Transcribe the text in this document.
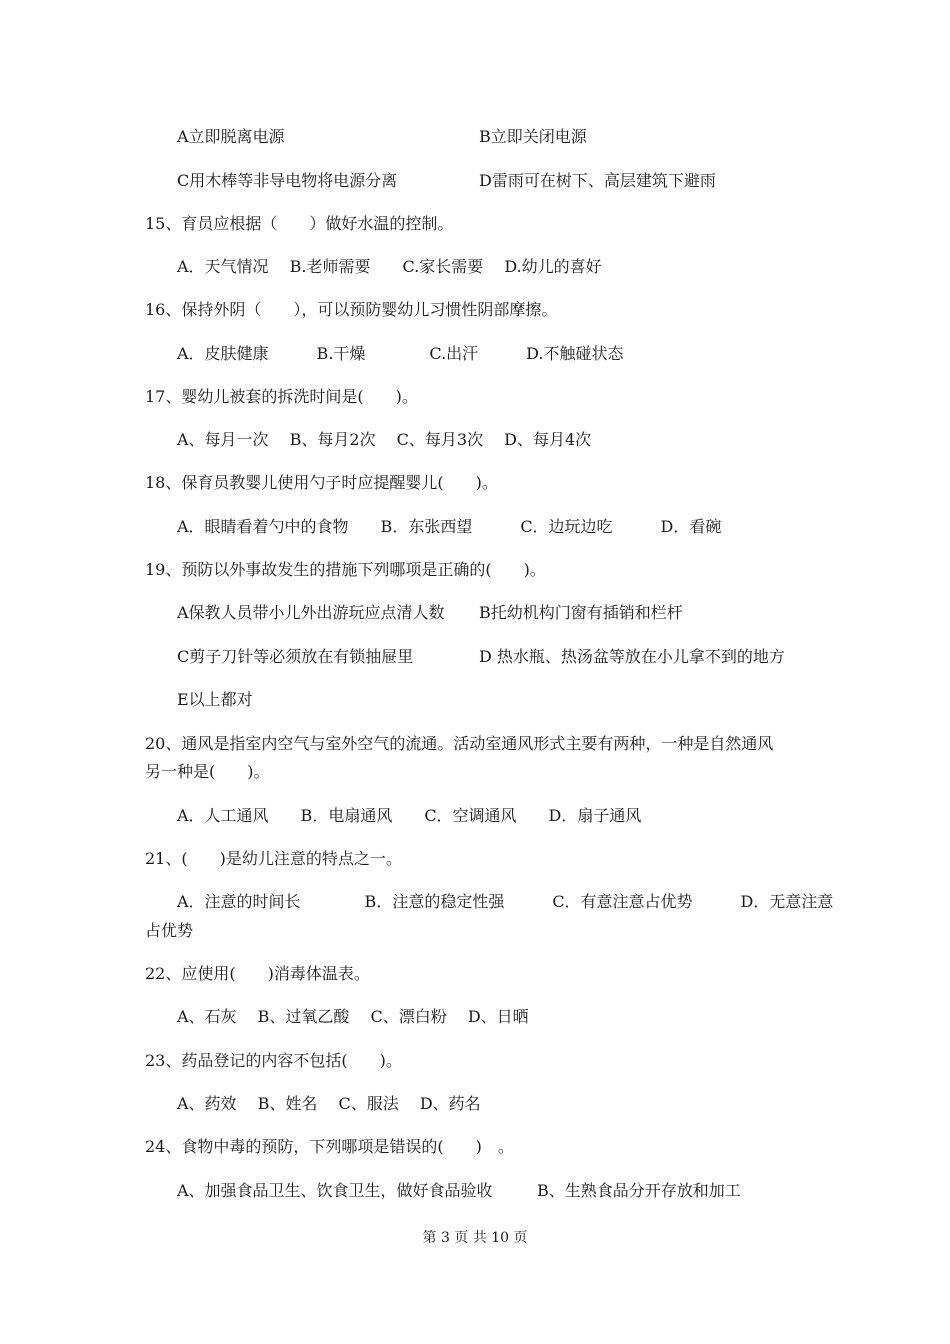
A立即脱离电源	B立即关闭电源
C用木棒等非导电物将电源分离	D雷雨可在树下、高层建筑下避雨
15、育员应根据（　　）做好水温的控制。
A．天气情况　 B.老师需要　　C.家长需要　 D.幼儿的喜好
16、保持外阴（　　），可以预防婴幼儿习惯性阴部摩擦。
A．皮肤健康　　　B.干燥　　　　C.出汗　　　D.不触碰状态
17、婴幼儿被套的拆洗时间是(　　)。
A、每月一次　 B、每月2次　 C、每月3次　 D、每月4次
18、保育员教婴儿使用勺子时应提醒婴儿(　　)。
A．眼睛看着勺中的食物　　B．东张西望　　　C．边玩边吃　　　D．看碗
19、预防以外事故发生的措施下列哪项是正确的(　　)。
A保教人员带小儿外出游玩应点清人数 B托幼机构门窗有插销和栏杆
C剪子刀针等必须放在有锁抽屉里	D 热水瓶、热汤盆等放在小儿拿不到的地方
E以上都对
20、通风是指室内空气与室外空气的流通。活动室通风形式主要有两种，一种是自然通风
另一种是(　　)。
A．人工通风　　B．电扇通风　　C．空调通风　　D．扇子通风
21、(　　)是幼儿注意的特点之一。
A．注意的时间长　　　　B．注意的稳定性强　　　C．有意注意占优势　　　D．无意注意
占优势
22、应使用(　　)消毒体温表。
A、石灰　 B、过氧乙酸　 C、漂白粉　 D、日晒
23、药品登记的内容不包括(　　)。
A、药效　 B、姓名　 C、服法　 D、药名
24、食物中毒的预防，下列哪项是错误的(　　)　。
A、加强食品卫生、饮食卫生，做好食品验收	B、生熟食品分开存放和加工
第 3 页 共 10 页
